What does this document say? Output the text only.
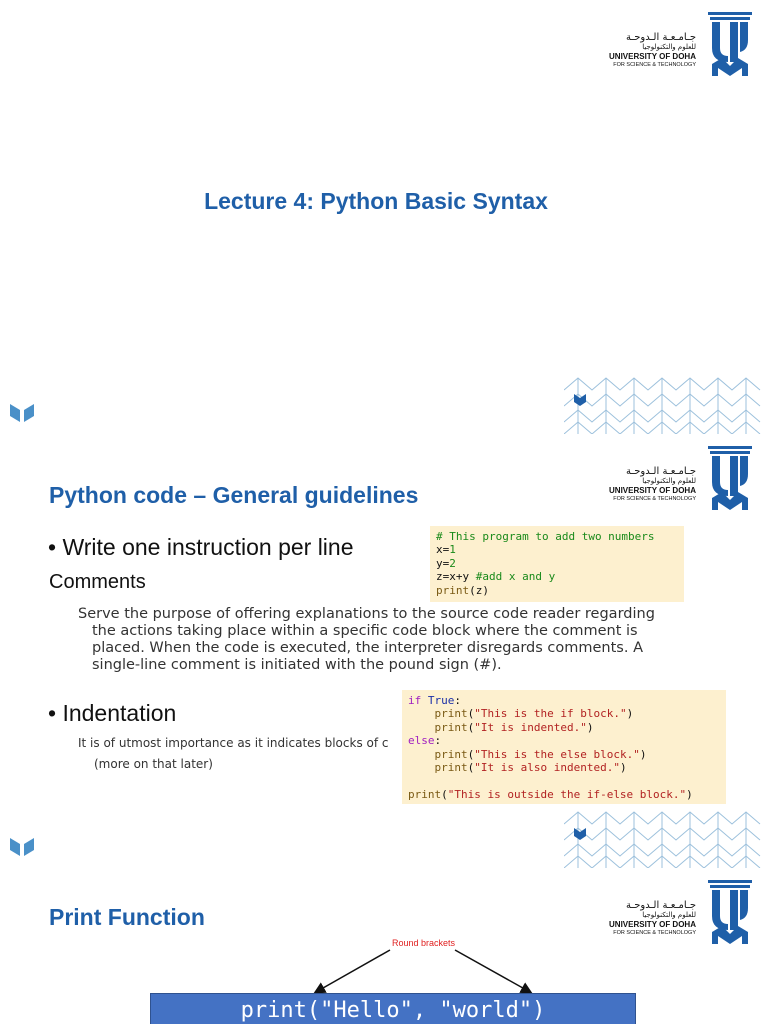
جـامـعـة الـدوحـة
للعلوم والتكنولوجيا
UNIVERSITY OF DOHA
FOR SCIENCE & TECHNOLOGY
Lecture 4: Python Basic Syntax
جـامـعـة الـدوحـة
للعلوم والتكنولوجيا
UNIVERSITY OF DOHA
FOR SCIENCE & TECHNOLOGY
Python code – General guidelines
• Write one instruction per line
Comments
Serve the purpose of offering explanations to the source code reader regarding the actions taking place within a specific code block where the comment is placed. When the code is executed, the interpreter disregards comments. A single-line comment is initiated with the pound sign (#).
• Indentation
It is of utmost importance as it indicates blocks of c
(more on that later)
# This program to add two numbers
x=1
y=2
z=x+y #add x and y
print(z)
if True:
print("This is the if block.")
print("It is indented.")
else:
print("This is the else block.")
print("It is also indented.")

print("This is outside the if-else block.")
جـامـعـة الـدوحـة
للعلوم والتكنولوجيا
UNIVERSITY OF DOHA
FOR SCIENCE & TECHNOLOGY
Print Function
Round brackets
print("Hello", "world")
